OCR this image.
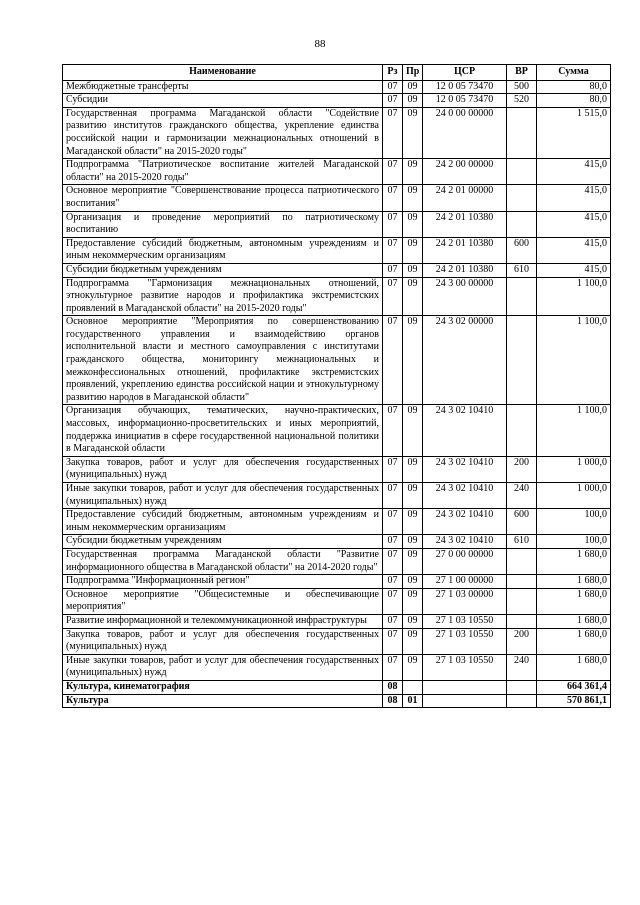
88
Наименование	Рз	Пр	ЦСР	ВР	Сумма
Межбюджетные трансферты	07	09	12 0 05 73470	500	80,0
Субсидии	07	09	12 0 05 73470	520	80,0
Государственная программа Магаданской области "Содействие развитию институтов гражданского общества, укрепление единства российской нации и гармонизации межнациональных отношений в Магаданской области" на 2015-2020 годы"	07	09	24 0 00 00000		1 515,0
Подпрограмма "Патриотическое воспитание жителей Магаданской области" на 2015-2020 годы"	07	09	24 2 00 00000		415,0
Основное мероприятие "Совершенствование процесса патриотического воспитания"	07	09	24 2 01 00000		415,0
Организация и проведение мероприятий по патриотическому воспитанию	07	09	24 2 01 10380		415,0
Предоставление субсидий бюджетным, автономным учреждениям и иным некоммерческим организациям	07	09	24 2 01 10380	600	415,0
Субсидии бюджетным учреждениям	07	09	24 2 01 10380	610	415,0
Подпрограмма "Гармонизация межнациональных отношений, этнокультурное развитие народов и профилактика экстремистских проявлений в Магаданской области" на 2015-2020 годы"	07	09	24 3 00 00000		1 100,0
Основное мероприятие "Мероприятия по совершенствованию государственного управления и взаимодействию органов исполнительной власти и местного самоуправления с институтами гражданского общества, мониторингу межнациональных и межконфессиональных отношений, профилактике экстремистских проявлений, укреплению единства российской нации и этнокультурному развитию народов в Магаданской области"	07	09	24 3 02 00000		1 100,0
Организация обучающих, тематических, научно-практических, массовых, информационно-просветительских и иных мероприятий, поддержка инициатив в сфере государственной национальной политики в Магаданской области	07	09	24 3 02 10410		1 100,0
Закупка товаров, работ и услуг для обеспечения государственных (муниципальных) нужд	07	09	24 3 02 10410	200	1 000,0
Иные закупки товаров, работ и услуг для обеспечения государственных (муниципальных) нужд	07	09	24 3 02 10410	240	1 000,0
Предоставление субсидий бюджетным, автономным учреждениям и иным некоммерческим организациям	07	09	24 3 02 10410	600	100,0
Субсидии бюджетным учреждениям	07	09	24 3 02 10410	610	100,0
Государственная программа Магаданской области "Развитие информационного общества в Магаданской области" на 2014-2020 годы"	07	09	27 0 00 00000		1 680,0
Подпрограмма "Информационный регион"	07	09	27 1 00 00000		1 680,0
Основное мероприятие "Общесистемные и обеспечивающие мероприятия"	07	09	27 1 03 00000		1 680,0
Развитие информационной и телекоммуникационной инфраструктуры	07	09	27 1 03 10550		1 680,0
Закупка товаров, работ и услуг для обеспечения государственных (муниципальных) нужд	07	09	27 1 03 10550	200	1 680,0
Иные закупки товаров, работ и услуг для обеспечения государственных (муниципальных) нужд	07	09	27 1 03 10550	240	1 680,0
Культура, кинематография	08				664 361,4
Культура	08	01			570 861,1
